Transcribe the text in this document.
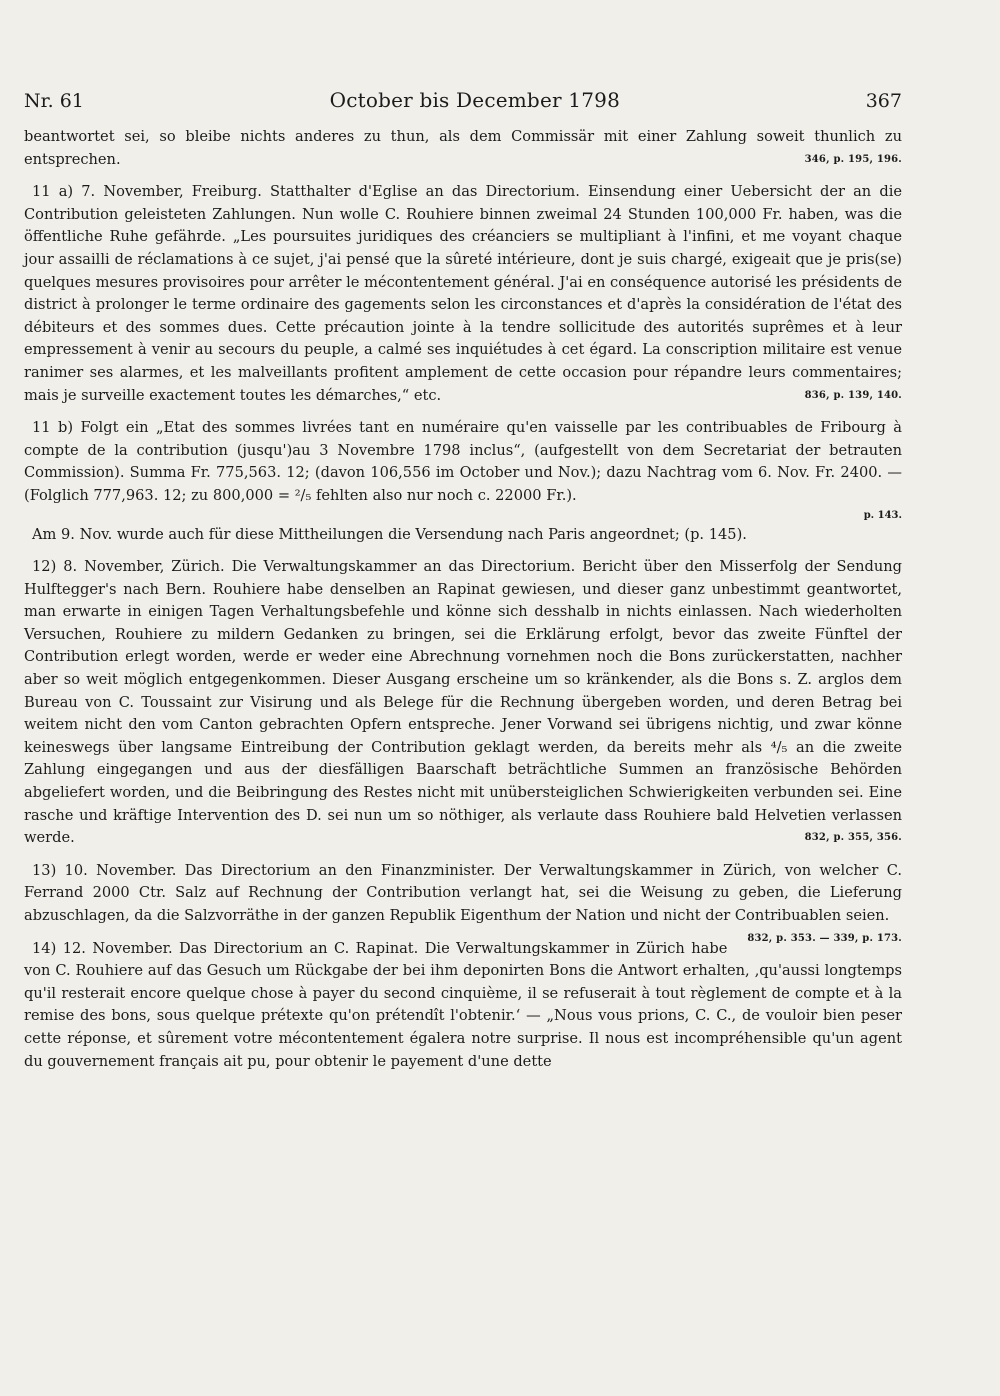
Nr. 61	October bis December 1798	367

beantwortet sei, so bleibe nichts anderes zu thun, als dem Commissär mit einer Zahlung soweit thunlich zu entsprechen.	346, p. 195, 196.

11 a) 7. November, Freiburg. Statthalter d'Eglise an das Directorium. Einsendung einer Uebersicht der an die Contribution geleisteten Zahlungen. Nun wolle C. Rouhiere binnen zweimal 24 Stunden 100,000 Fr. haben, was die öffentliche Ruhe gefährde. „Les poursuites juridiques des créanciers se multipliant à l'infini, et me voyant chaque jour assailli de réclamations à ce sujet, j'ai pensé que la sûreté intérieure, dont je suis chargé, exigeait que je pris(se) quelques mesures provisoires pour arrêter le mécontentement général. J'ai en conséquence autorisé les présidents de district à prolonger le terme ordinaire des gagements selon les circonstances et d'après la considération de l'état des débiteurs et des sommes dues. Cette précaution jointe à la tendre sollicitude des autorités suprêmes et à leur empressement à venir au secours du peuple, a calmé ses inquiétudes à cet égard. La conscription militaire est venue ranimer ses alarmes, et les malveillants profitent amplement de cette occasion pour répandre leurs commentaires; mais je surveille exactement toutes les démarches,“ etc.	836, p. 139, 140.

11 b) Folgt ein „Etat des sommes livrées tant en numéraire qu'en vaisselle par les contribuables de Fribourg à compte de la contribution (jusqu')au 3 Novembre 1798 inclus“, (aufgestellt von dem Secretariat der betrauten Commission). Summa Fr. 775,563. 12; (davon 106,556 im October und Nov.); dazu Nachtrag vom 6. Nov. Fr. 2400. — (Folglich 777,963. 12; zu 800,000 = ²/₅ fehlten also nur noch c. 22000 Fr.).

p. 143.

Am 9. Nov. wurde auch für diese Mittheilungen die Versendung nach Paris angeordnet; (p. 145).

12) 8. November, Zürich. Die Verwaltungskammer an das Directorium. Bericht über den Misserfolg der Sendung Hulftegger's nach Bern. Rouhiere habe denselben an Rapinat gewiesen, und dieser ganz unbestimmt geantwortet, man erwarte in einigen Tagen Verhaltungsbefehle und könne sich desshalb in nichts einlassen. Nach wiederholten Versuchen, Rouhiere zu mildern Gedanken zu bringen, sei die Erklärung erfolgt, bevor das zweite Fünftel der Contribution erlegt worden, werde er weder eine Abrechnung vornehmen noch die Bons zurückerstatten, nachher aber so weit möglich entgegenkommen. Dieser Ausgang erscheine um so kränkender, als die Bons s. Z. arglos dem Bureau von C. Toussaint zur Visirung und als Belege für die Rechnung übergeben worden, und deren Betrag bei weitem nicht den vom Canton gebrachten Opfern entspreche. Jener Vorwand sei übrigens nichtig, und zwar könne keineswegs über langsame Eintreibung der Contribution geklagt werden, da bereits mehr als ⁴/₅ an die zweite Zahlung eingegangen und aus der diesfälligen Baarschaft beträchtliche Summen an französische Behörden abgeliefert worden, und die Beibringung des Restes nicht mit unübersteiglichen Schwierigkeiten verbunden sei. Eine rasche und kräftige Intervention des D. sei nun um so nöthiger, als verlaute dass Rouhiere bald Helvetien verlassen werde.	832, p. 355, 356.

13) 10. November. Das Directorium an den Finanzminister. Der Verwaltungskammer in Zürich, von welcher C. Ferrand 2000 Ctr. Salz auf Rechnung der Contribution verlangt hat, sei die Weisung zu geben, die Lieferung abzuschlagen, da die Salzvorräthe in der ganzen Republik Eigenthum der Nation und nicht der Contribuablen seien.
832, p. 353. — 339, p. 173.

14) 12. November. Das Directorium an C. Rapinat. Die Verwaltungskammer in Zürich habe von C. Rouhiere auf das Gesuch um Rückgabe der bei ihm deponirten Bons die Antwort erhalten, ‚qu'aussi longtemps qu'il resterait encore quelque chose à payer du second cinquième, il se refuserait à tout règlement de compte et à la remise des bons, sous quelque prétexte qu'on prétendît l'obtenir.‘ — „Nous vous prions, C. C., de vouloir bien peser cette réponse, et sûrement votre mécontentement égalera notre surprise. Il nous est incompréhensible qu'un agent du gouvernement français ait pu, pour obtenir le payement d'une dette
